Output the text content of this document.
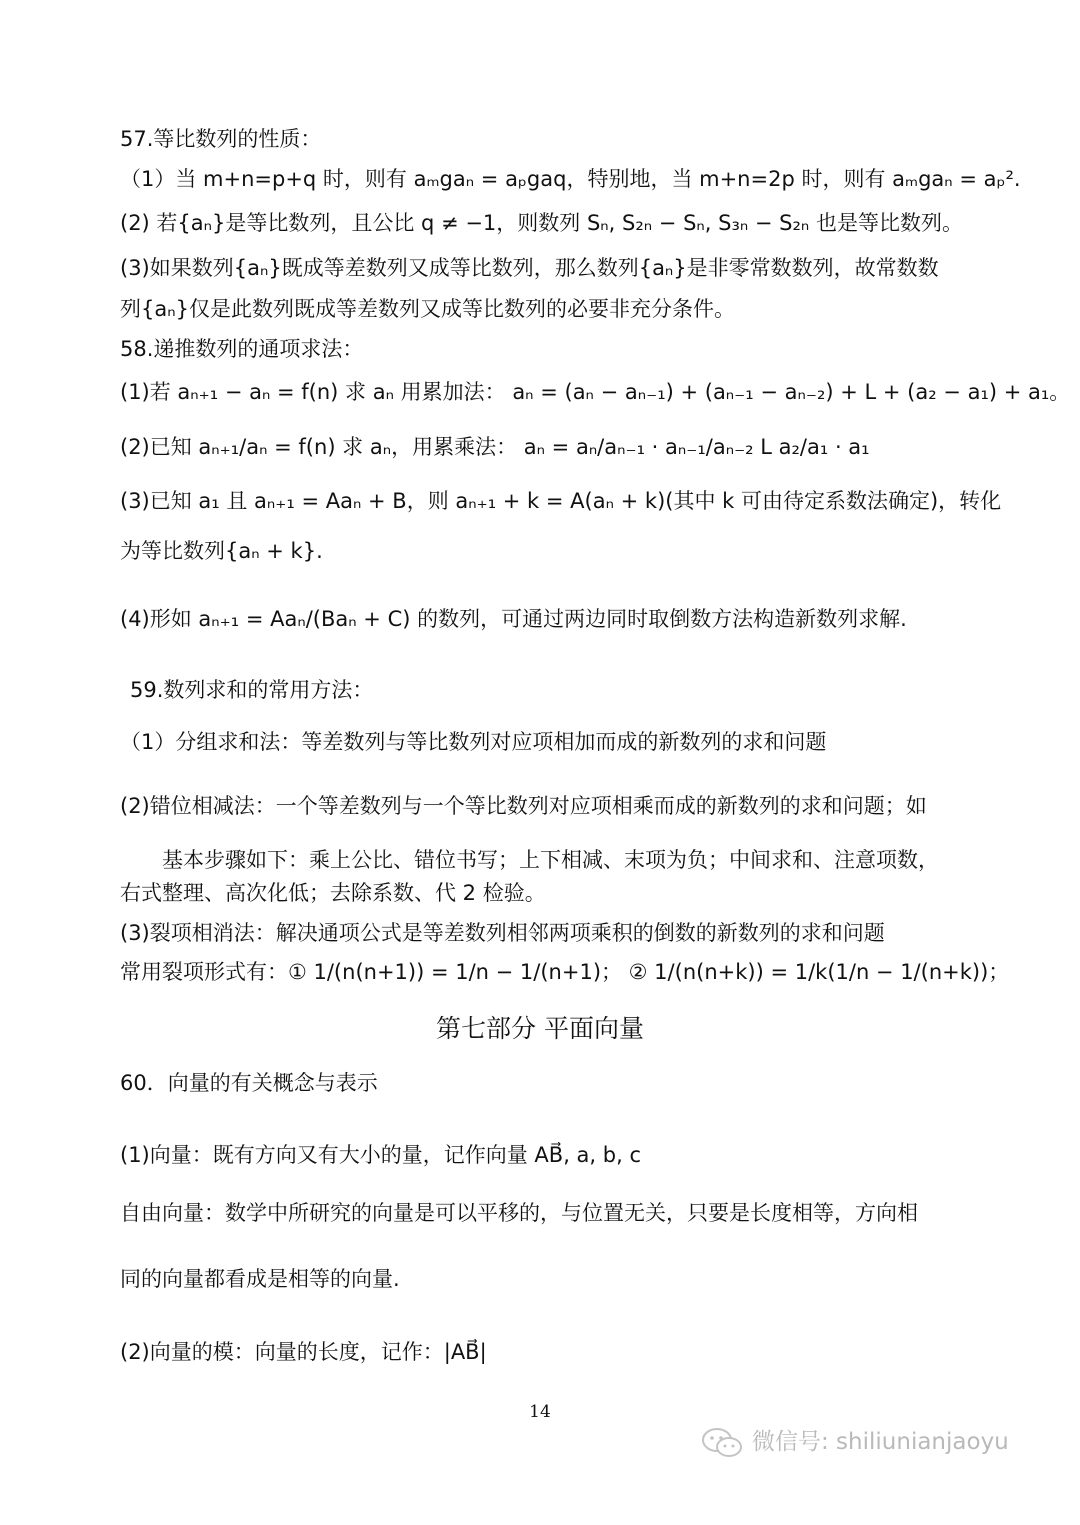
57.等比数列的性质：
（1）当 m+n=p+q 时，则有 aₘgaₙ = aₚgaq，特别地，当 m+n=2p 时，则有 aₘgaₙ = aₚ².
(2) 若{aₙ}是等比数列，且公比 q ≠ −1，则数列 Sₙ, S₂ₙ − Sₙ, S₃ₙ − S₂ₙ 也是等比数列。
(3)如果数列{aₙ}既成等差数列又成等比数列，那么数列{aₙ}是非零常数数列，故常数数
列{aₙ}仅是此数列既成等差数列又成等比数列的必要非充分条件。
58.递推数列的通项求法：
(1)若 aₙ₊₁ − aₙ = f(n) 求 aₙ 用累加法： aₙ = (aₙ − aₙ₋₁) + (aₙ₋₁ − aₙ₋₂) + L + (a₂ − a₁) + a₁。
(2)已知 aₙ₊₁/aₙ = f(n) 求 aₙ，用累乘法： aₙ = aₙ/aₙ₋₁ · aₙ₋₁/aₙ₋₂ L a₂/a₁ · a₁
(3)已知 a₁ 且 aₙ₊₁ = Aaₙ + B，则 aₙ₊₁ + k = A(aₙ + k)(其中 k 可由待定系数法确定)，转化
为等比数列{aₙ + k}.
(4)形如 aₙ₊₁ = Aaₙ/(Baₙ + C) 的数列，可通过两边同时取倒数方法构造新数列求解.
59.数列求和的常用方法：
（1）分组求和法：等差数列与等比数列对应项相加而成的新数列的求和问题
(2)错位相减法：一个等差数列与一个等比数列对应项相乘而成的新数列的求和问题；如
基本步骤如下：乘上公比、错位书写；上下相减、末项为负；中间求和、注意项数，
右式整理、高次化低；去除系数、代 2 检验。
(3)裂项相消法：解决通项公式是等差数列相邻两项乘积的倒数的新数列的求和问题
常用裂项形式有：① 1/(n(n+1)) = 1/n − 1/(n+1)； ② 1/(n(n+k)) = 1/k(1/n − 1/(n+k))；
第七部分 平面向量
60．向量的有关概念与表示
(1)向量：既有方向又有大小的量，记作向量 AB⃗, a, b, c
自由向量：数学中所研究的向量是可以平移的，与位置无关，只要是长度相等，方向相
同的向量都看成是相等的向量.
(2)向量的模：向量的长度，记作：|AB⃗|
14
微信号: shiliunianjaoyu
